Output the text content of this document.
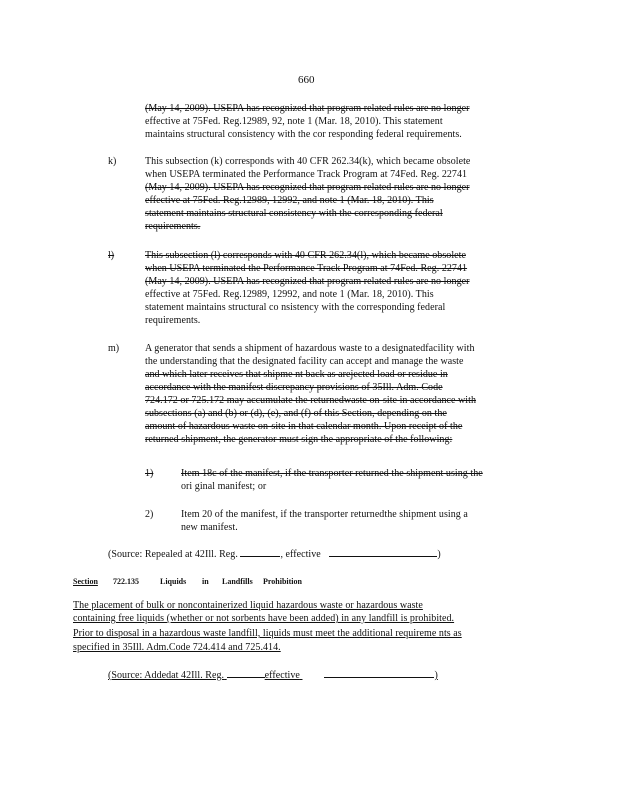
660
(May 14, 2009). USEPA has recognized that program related rules are no longer
effective at 75Fed. Reg.12989, 92, note 1 (Mar. 18, 2010). This statement
maintains structural consistency with the cor responding federal requirements.
k)	This subsection (k) corresponds with 40 CFR 262.34(k), which became obsolete
when USEPA terminated the Performance Track Program at 74Fed. Reg. 22741
(May 14, 2009). USEPA has recognized that program related rules are no longer
effective at 75Fed. Reg.12989, 12992, and note 1 (Mar. 18, 2010). This
statement maintains structural consistency with the corresponding federal
requirements.
l)	This subsection (l) corresponds with 40 CFR 262.34(l), which became obsolete
when USEPA terminated the Performance Track Program at 74Fed. Reg. 22741
(May 14, 2009). USEPA has recognized that program related rules are no longer
effective at 75Fed. Reg.12989, 12992, and note 1 (Mar. 18, 2010). This
statement maintains structural co nsistency with the corresponding federal
requirements.
m)	A generator that sends a shipment of hazardous waste to a designatedfacility with
the understanding that the designated facility can accept and manage the waste
and which later receives that shipme nt back as arejected load or residue in
accordance with the manifest discrepancy provisions of 35Ill. Adm. Code
724.172 or 725.172 may accumulate the returnedwaste on-site in accordance with
subsections (a) and (b) or (d), (e), and (f) of this Section, depending on the
amount of hazardous waste on-site in that calendar month. Upon receipt of the
returned shipment, the generator must sign the appropriate of the following:
1)	Item 18c of the manifest, if the transporter returned the shipment using the
ori ginal manifest; or
2)	Item 20 of the manifest, if the transporter returnedthe shipment using a
new manifest.
(Source: Repealed at 42Ill. Reg.	, effective	)
Section 722.135	Liquids in Landfills Prohibition
The placement of bulk or noncontainerized liquid hazardous waste or hazardous waste
containing free liquids (whether or not sorbents have been added) in any landfill is prohibited.
Prior to disposal in a hazardous waste landfill, liquids must meet the additional requireme nts as
specified in 35Ill. Adm.Code 724.414 and 725.414.
(Source: Addedat 42Ill. Reg.	effective	)
